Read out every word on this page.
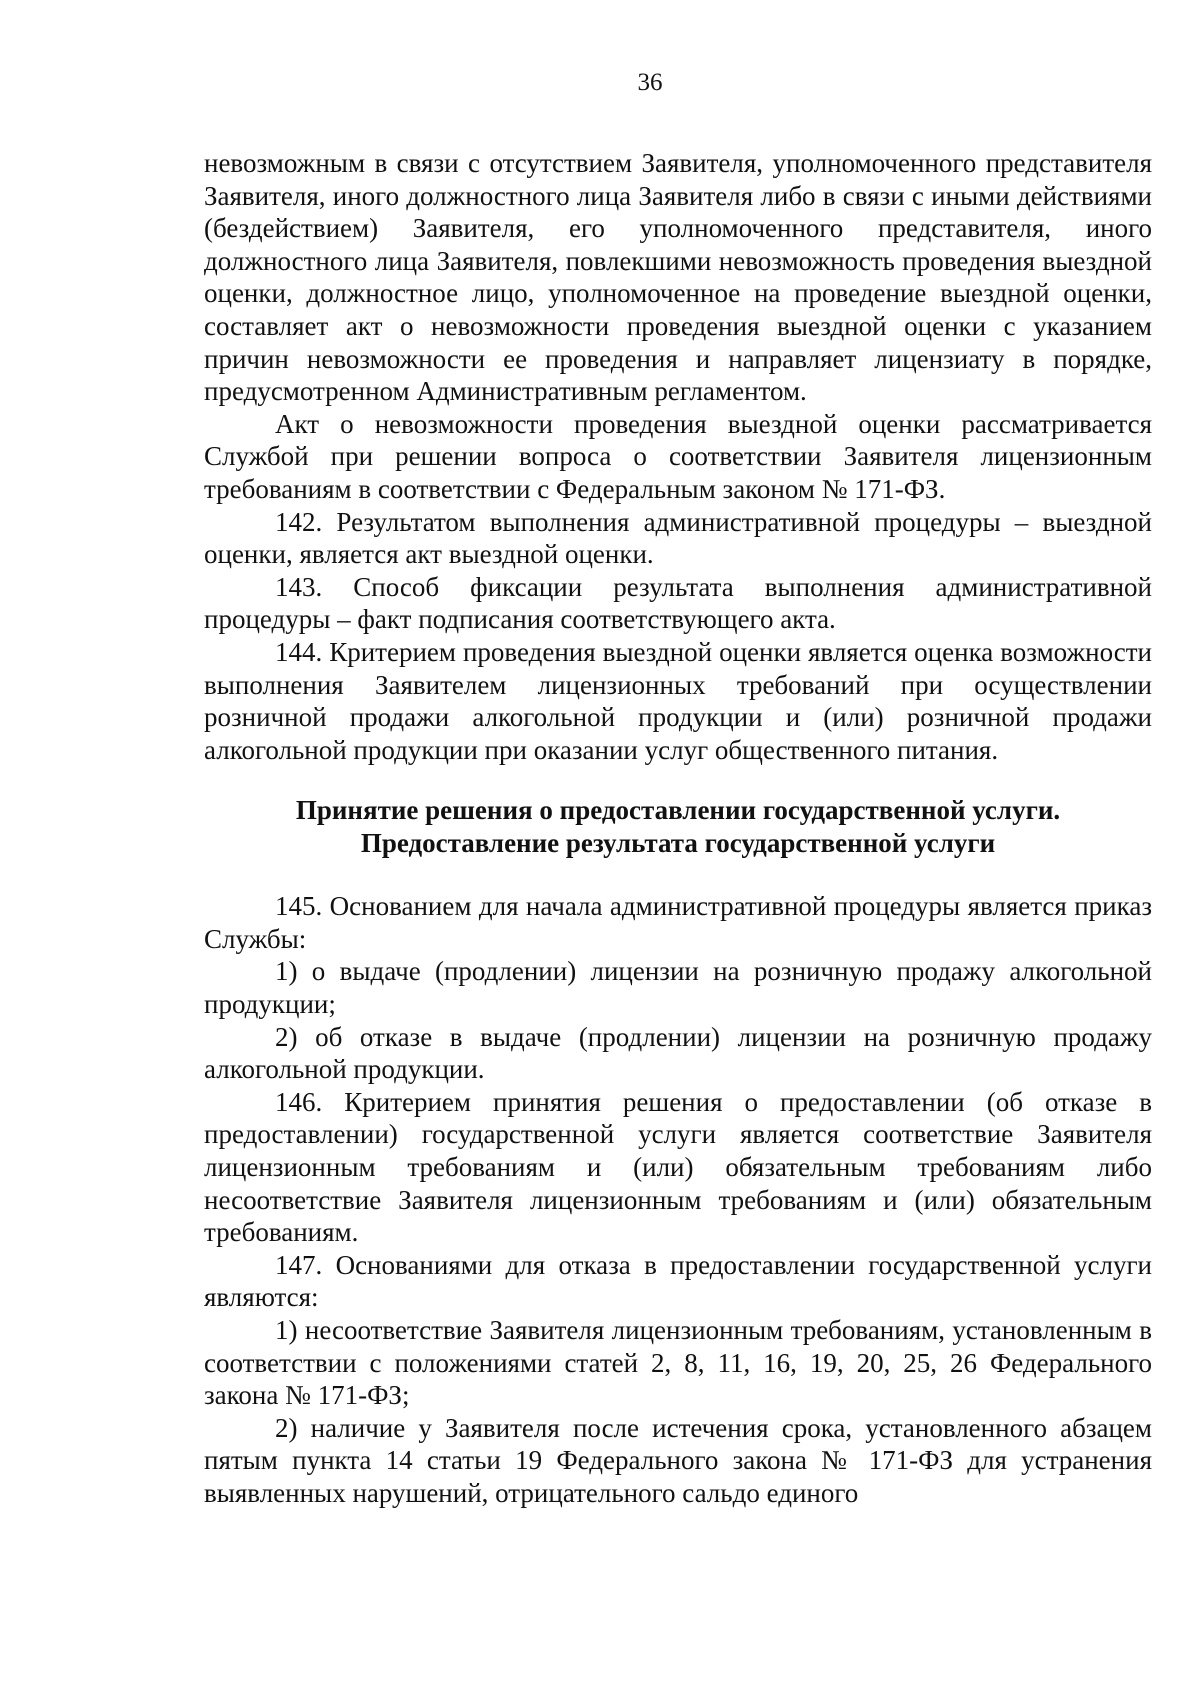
36

невозможным в связи с отсутствием Заявителя, уполномоченного представителя Заявителя, иного должностного лица Заявителя либо в связи с иными действиями (бездействием) Заявителя, его уполномоченного представителя, иного должностного лица Заявителя, повлекшими невозможность проведения выездной оценки, должностное лицо, уполномоченное на проведение выездной оценки, составляет акт о невозможности проведения выездной оценки с указанием причин невозможности ее проведения и направляет лицензиату в порядке, предусмотренном Административным регламентом.

Акт о невозможности проведения выездной оценки рассматривается Службой при решении вопроса о соответствии Заявителя лицензионным требованиям в соответствии с Федеральным законом № 171-ФЗ.

142. Результатом выполнения административной процедуры – выездной оценки, является акт выездной оценки.

143. Способ фиксации результата выполнения административной процедуры – факт подписания соответствующего акта.

144. Критерием проведения выездной оценки является оценка возможности выполнения Заявителем лицензионных требований при осуществлении розничной продажи алкогольной продукции и (или) розничной продажи алкогольной продукции при оказании услуг общественного питания.

Принятие решения о предоставлении государственной услуги.
Предоставление результата государственной услуги

145. Основанием для начала административной процедуры является приказ Службы:

1) о выдаче (продлении) лицензии на розничную продажу алкогольной продукции;

2) об отказе в выдаче (продлении) лицензии на розничную продажу алкогольной продукции.

146. Критерием принятия решения о предоставлении (об отказе в предоставлении) государственной услуги является соответствие Заявителя лицензионным требованиям и (или) обязательным требованиям либо несоответствие Заявителя лицензионным требованиям и (или) обязательным требованиям.

147. Основаниями для отказа в предоставлении государственной услуги являются:

1) несоответствие Заявителя лицензионным требованиям, установленным в соответствии с положениями статей 2, 8, 11, 16, 19, 20, 25, 26 Федерального закона № 171-ФЗ;

2) наличие у Заявителя после истечения срока, установленного абзацем пятым пункта 14 статьи 19 Федерального закона № 171-ФЗ для устранения выявленных нарушений, отрицательного сальдо единого
